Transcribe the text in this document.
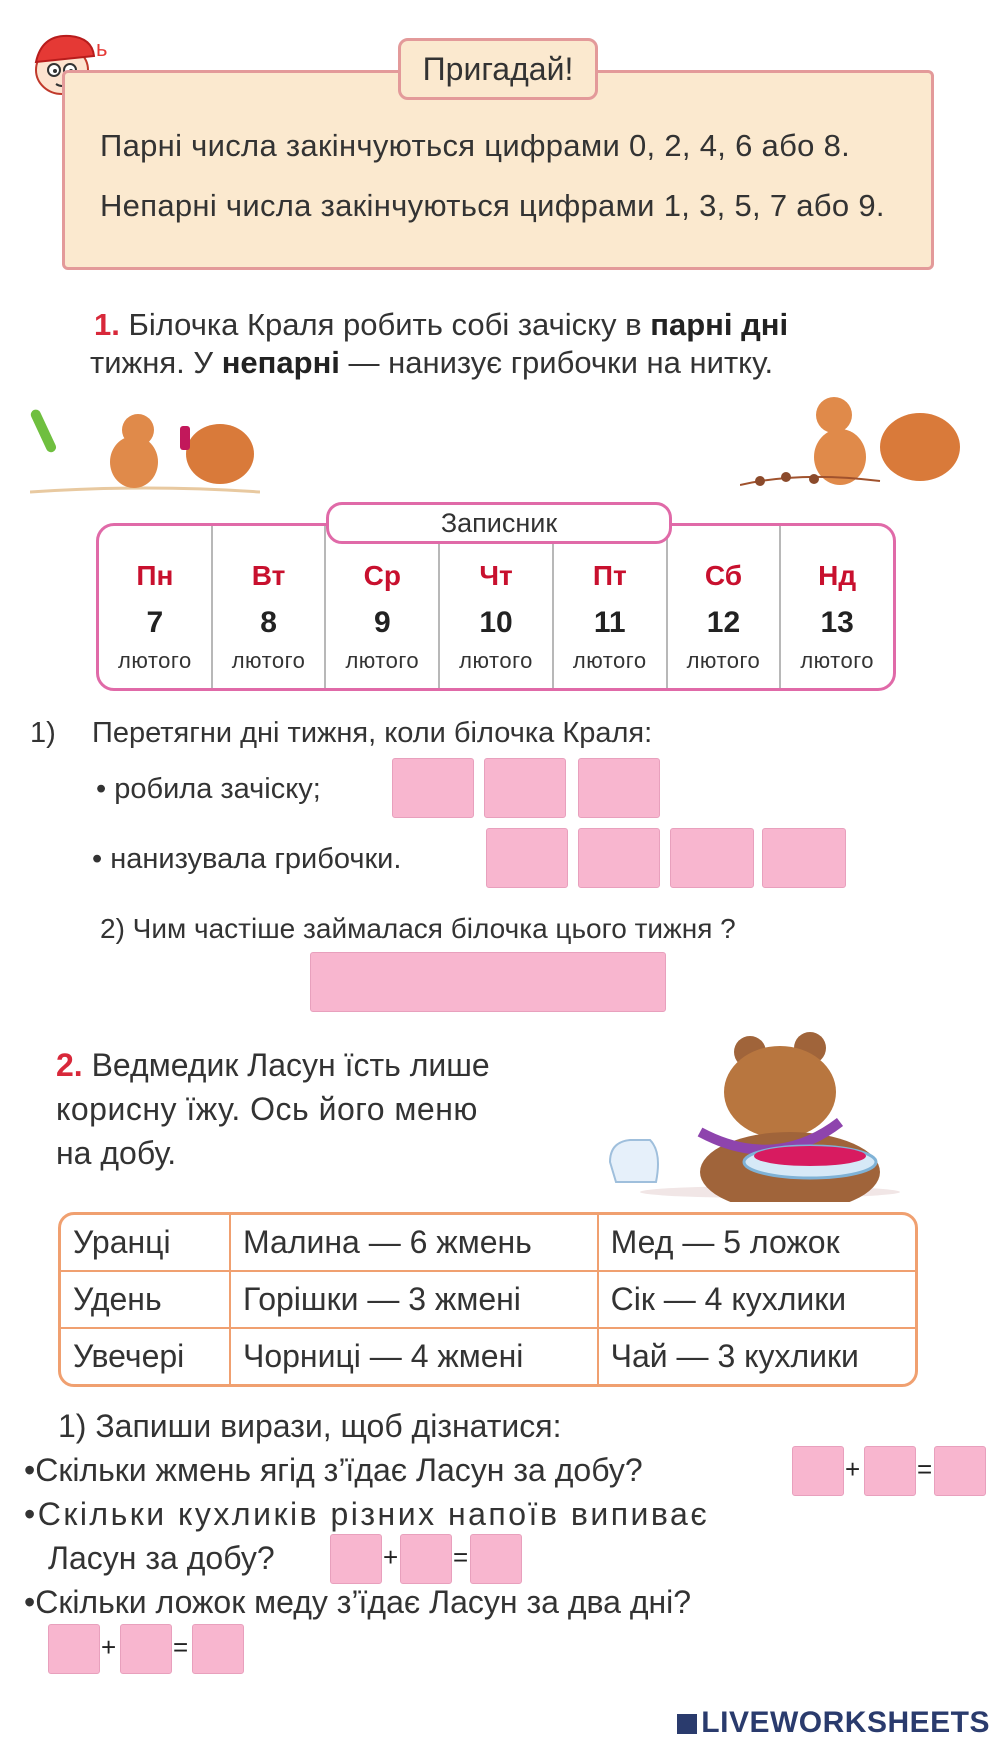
ь
Пригадай!
Парні числа закінчуються цифрами 0, 2, 4, 6 або 8.
Непарні числа закінчуються цифрами 1, 3, 5, 7 або 9.
1. Білочка Краля робить собі зачіску в парні дні
тижня. У непарні — нанизує грибочки на нитку.
Пн
7
лютого
Вт
8
лютого
Ср
9
лютого
Чт
10
лютого
Пт
11
лютого
Сб
12
лютого
Нд
13
лютого
Записник
1) Перетягни дні тижня, коли білочка Краля:
• робила зачіску;
• нанизувала грибочки.
2) Чим частіше займалася білочка цього тижня ?
2. Ведмедик Ласун їсть лише
корисну їжу. Ось його меню
на добу.
Уранці	Малина — 6 жмень	Мед — 5 ложок
Удень	Горішки — 3 жмені	Сік — 4 кухлики
Увечері	Чорниці — 4 жмені	Чай — 3 кухлики
1) Запиши вирази, щоб дізнатися:
•Скільки жмень ягід з’їдає Ласун за добу?	+ =
•Скільки кухликів різних напоїв випиває
Ласун за добу?	+ =
•Скільки ложок меду з’їдає Ласун за два дні?
+ =
LIVEWORKSHEETS
